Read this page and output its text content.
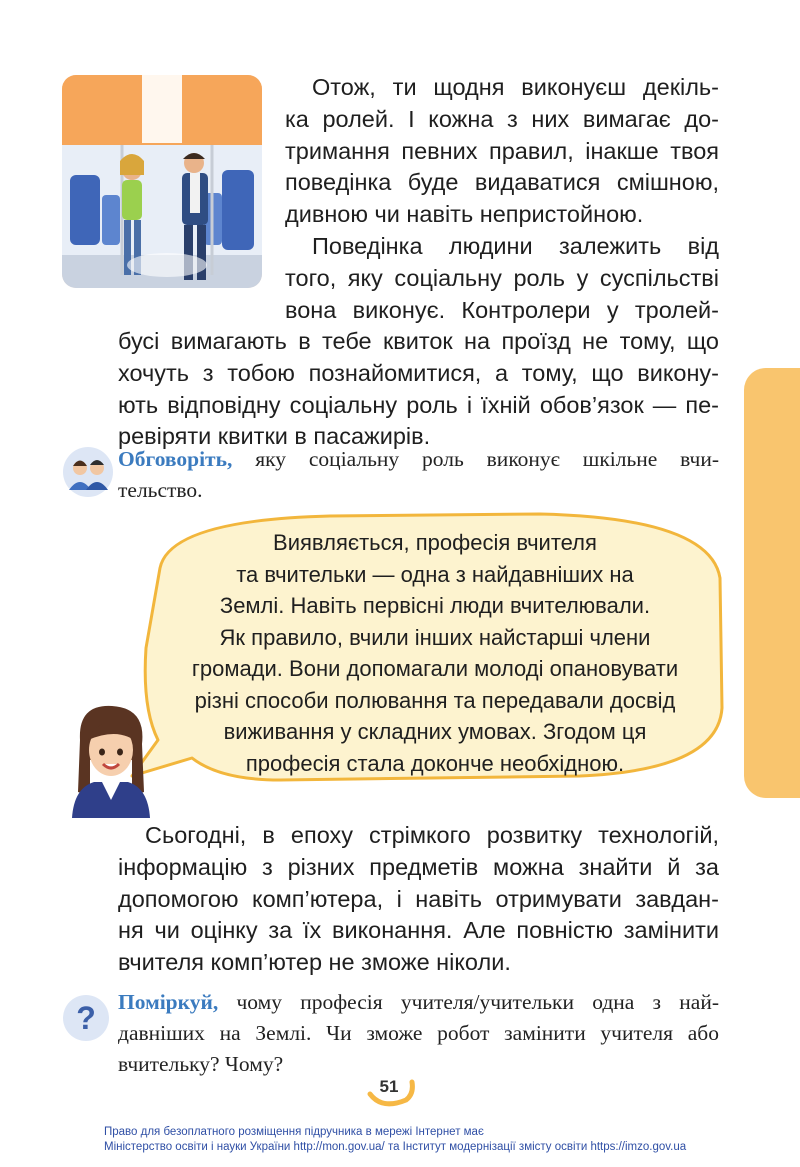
Отож, ти щодня виконуєш декіль-
ка ролей. І кожна з них вимагає до-
тримання певних правил, інакше твоя
поведінка буде видаватися смішною,
дивною чи навіть непристойною.
Поведінка людини залежить від
того, яку соціальну роль у суспільстві
вона виконує. Контролери у тролей-
бусі вимагають в тебе квиток на проїзд не тому, що
хочуть з тобою познайомитися, а тому, що викону-
ють відповідну соціальну роль і їхній обов’язок — пе-
ревіряти квитки в пасажирів.
Обговоріть, яку соціальну роль виконує шкільне вчи-
тельство.
Виявляється, професія вчителя
та вчительки — одна з найдавніших на
Землі. Навіть первісні люди вчителювали.
Як правило, вчили інших найстарші члени
громади. Вони допомагали молоді опановувати
різні способи полювання та передавали досвід
виживання у складних умовах. Згодом ця
професія стала доконче необхідною.
Сьогодні, в епоху стрімкого розвитку технологій,
інформацію з різних предметів можна знайти й за
допомогою комп’ютера, і навіть отримувати завдан-
ня чи оцінку за їх виконання. Але повністю замінити
вчителя комп’ютер не зможе ніколи.
? Поміркуй, чому професія учителя/учительки одна з най-
давніших на Землі. Чи зможе робот замінити учителя або
вчительку? Чому?
51
Право для безоплатного розміщення підручника в мережі Інтернет має
Міністерство освіти і науки України http://mon.gov.ua/ та Інститут модернізації змісту освіти https://imzo.gov.ua
